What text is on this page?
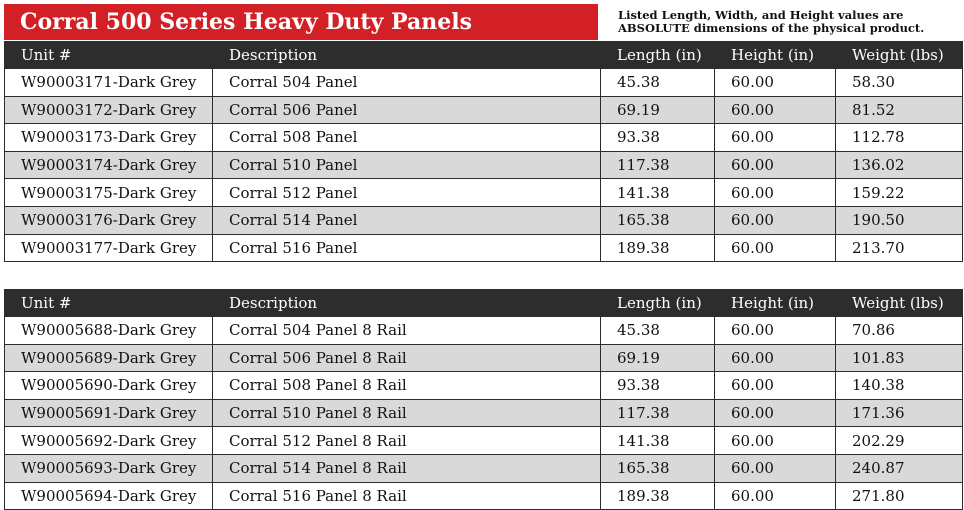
Corral 500 Series Heavy Duty Panels	Listed Length, Width, and Height values are
ABSOLUTE dimensions of the physical product.
Unit #	Description	Length (in)	Height (in)	Weight (lbs)
W90003171-Dark Grey	Corral 504 Panel	45.38	60.00	58.30
W90003172-Dark Grey	Corral 506 Panel	69.19	60.00	81.52
W90003173-Dark Grey	Corral 508 Panel	93.38	60.00	112.78
W90003174-Dark Grey	Corral 510 Panel	117.38	60.00	136.02
W90003175-Dark Grey	Corral 512 Panel	141.38	60.00	159.22
W90003176-Dark Grey	Corral 514 Panel	165.38	60.00	190.50
W90003177-Dark Grey	Corral 516 Panel	189.38	60.00	213.70
Unit #	Description	Length (in)	Height (in)	Weight (lbs)
W90005688-Dark Grey	Corral 504 Panel 8 Rail	45.38	60.00	70.86
W90005689-Dark Grey	Corral 506 Panel 8 Rail	69.19	60.00	101.83
W90005690-Dark Grey	Corral 508 Panel 8 Rail	93.38	60.00	140.38
W90005691-Dark Grey	Corral 510 Panel 8 Rail	117.38	60.00	171.36
W90005692-Dark Grey	Corral 512 Panel 8 Rail	141.38	60.00	202.29
W90005693-Dark Grey	Corral 514 Panel 8 Rail	165.38	60.00	240.87
W90005694-Dark Grey	Corral 516 Panel 8 Rail	189.38	60.00	271.80
